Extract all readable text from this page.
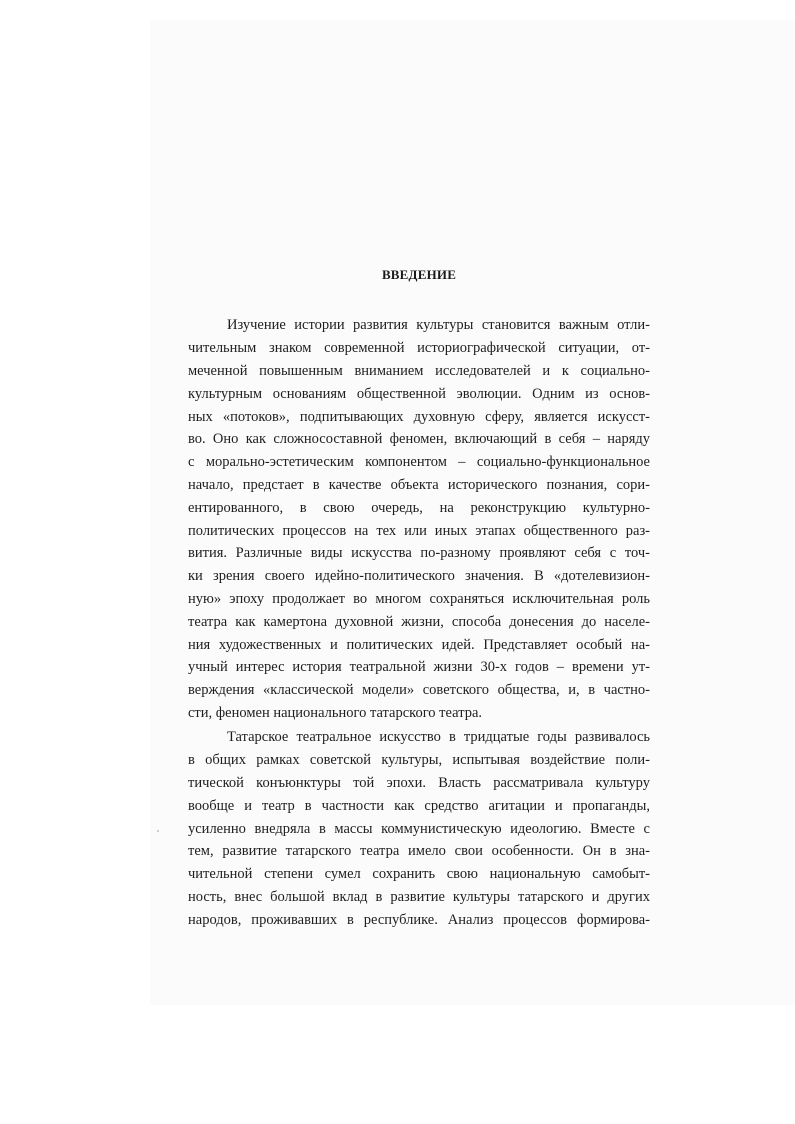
ВВЕДЕНИЕ

Изучение истории развития культуры становится важным отли-

чительным знаком современной историографической ситуации, от-

меченной повышенным вниманием исследователей и к социально-

культурным основаниям общественной эволюции. Одним из основ-

ных «потоков», подпитывающих духовную сферу, является искусст-

во. Оно как сложносоставной феномен, включающий в себя – наряду

с морально-эстетическим компонентом – социально-функциональное

начало, предстает в качестве объекта исторического познания, сори-

ентированного, в свою очередь, на реконструкцию культурно-

политических процессов на тех или иных этапах общественного раз-

вития. Различные виды искусства по-разному проявляют себя с точ-

ки зрения своего идейно-политического значения. В «дотелевизион-

ную» эпоху продолжает во многом сохраняться исключительная роль

театра как камертона духовной жизни, способа донесения до населе-

ния художественных и политических идей. Представляет особый на-

учный интерес история театральной жизни 30-х годов – времени ут-

верждения «классической модели» советского общества, и, в частно-

сти, феномен национального татарского театра.

Татарское театральное искусство в тридцатые годы развивалось

в общих рамках советской культуры, испытывая воздействие поли-

тической конъюнктуры той эпохи. Власть рассматривала культуру

вообще и театр в частности как средство агитации и пропаганды,

усиленно внедряла в массы коммунистическую идеологию. Вместе с

тем, развитие татарского театра имело свои особенности. Он в зна-

чительной степени сумел сохранить свою национальную самобыт-

ность, внес большой вклад в развитие культуры татарского и других

народов, проживавших в республике. Анализ процессов формирова-
